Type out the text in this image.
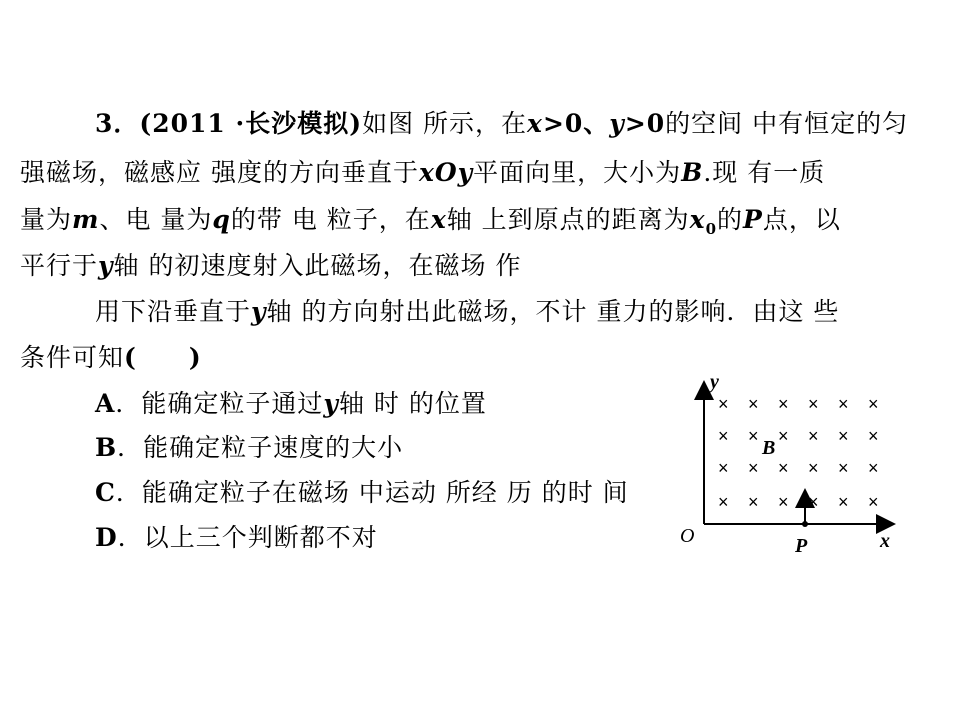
3．(2011 ·长沙模拟)如图 所示，在x>0、y>0的空间 中有恒定的匀
强磁场，磁感应 强度的方向垂直于xOy平面向里，大小为B.现 有一质
量为m、电 量为q的带 电 粒子，在x轴 上到原点的距离为$x_0$的P点，以
平行于y轴 的初速度射入此磁场，在磁场 作
用下沿垂直于y轴 的方向射出此磁场，不计 重力的影响．由这 些
条件可知(　　)
A．能确定粒子通过y轴 时 的位置
B．能确定粒子速度的大小
C．能确定粒子在磁场 中运动 所经 历 的时 间
D．以上三个判断都不对
y
x
O
× × × × × ×
× × × × × ×
× × × × × ×
× × × × × ×
B
P
